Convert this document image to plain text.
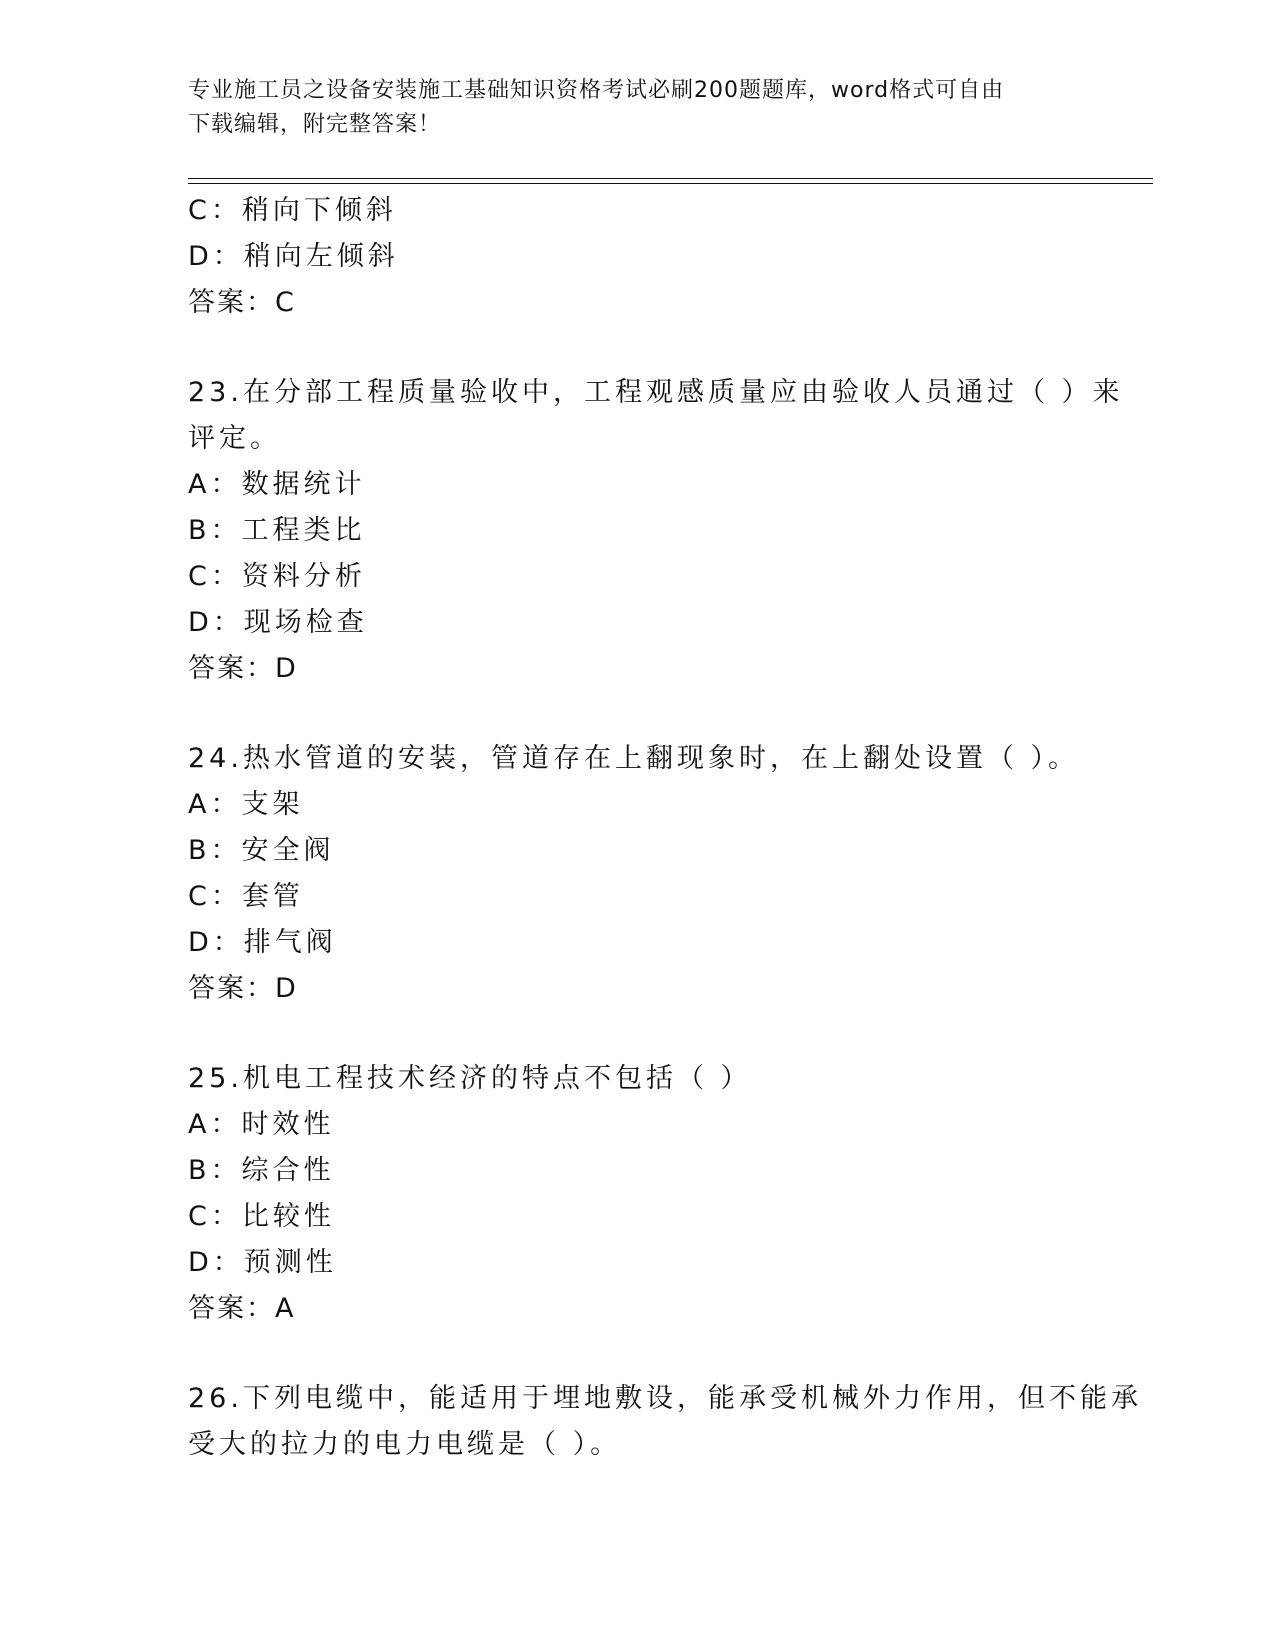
专业施工员之设备安装施工基础知识资格考试必刷200题题库，word格式可自由
下载编辑，附完整答案！
C：稍向下倾斜
D：稍向左倾斜
答案：C
23.在分部工程质量验收中，工程观感质量应由验收人员通过（ ）来
评定。
A：数据统计
B：工程类比
C：资料分析
D：现场检查
答案：D
24.热水管道的安装，管道存在上翻现象时，在上翻处设置（ ）。
A：支架
B：安全阀
C：套管
D：排气阀
答案：D
25.机电工程技术经济的特点不包括（ ）
A：时效性
B：综合性
C：比较性
D：预测性
答案：A
26.下列电缆中，能适用于埋地敷设，能承受机械外力作用，但不能承
受大的拉力的电力电缆是（ ）。
